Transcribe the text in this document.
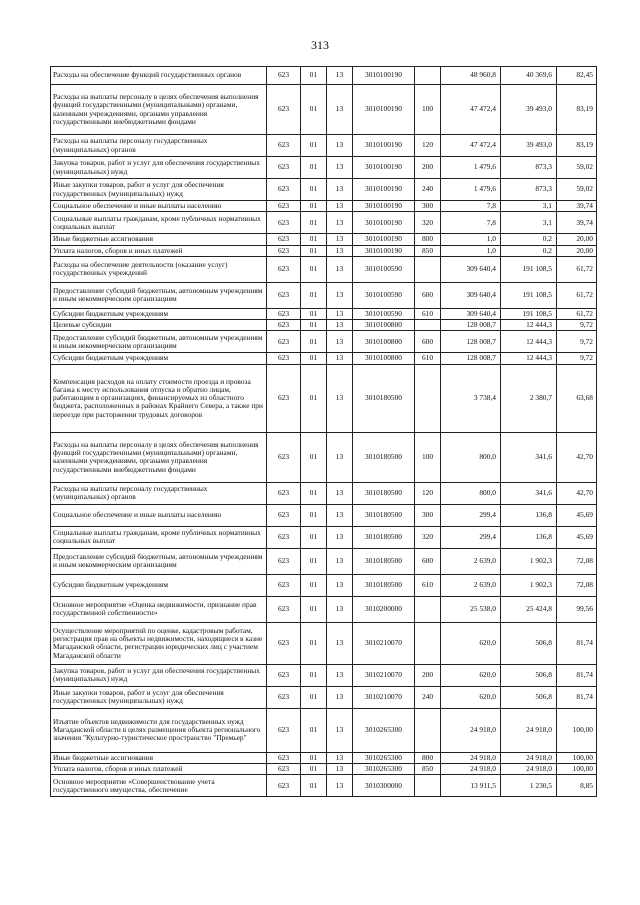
313
Расходы на обеспечение функций государственных органов	623	01	13	3010100190		48 960,8	40 369,6	82,45
Расходы на выплаты персоналу в целях обеспечения выполнения функций государственными (муниципальными) органами, казенными учреждениями, органами управления государственными внебюджетными фондами	623	01	13	3010100190	100	47 472,4	39 493,0	83,19
Расходы на выплаты персоналу государственных (муниципальных) органов	623	01	13	3010100190	120	47 472,4	39 493,0	83,19
Закупка товаров, работ и услуг для обеспечения государственных (муниципальных) нужд	623	01	13	3010100190	200	1 479,6	873,3	59,02
Иные закупки товаров, работ и услуг для обеспечения государственных (муниципальных) нужд	623	01	13	3010100190	240	1 479,6	873,3	59,02
Социальное обеспечение и иные выплаты населению	623	01	13	3010100190	300	7,8	3,1	39,74
Социальные выплаты гражданам, кроме публичных нормативных социальных выплат	623	01	13	3010100190	320	7,8	3,1	39,74
Иные бюджетные ассигнования	623	01	13	3010100190	800	1,0	0,2	20,00
Уплата налогов, сборов и иных платежей	623	01	13	3010100190	850	1,0	0,2	20,00
Расходы на обеспечение деятельности (оказание услуг) государственных учреждений	623	01	13	3010100590		309 640,4	191 108,5	61,72
Предоставление субсидий бюджетным, автономным учреждениям и иным некоммерческим организациям	623	01	13	3010100590	600	309 640,4	191 108,5	61,72
Субсидии бюджетным учреждениям	623	01	13	3010100590	610	309 640,4	191 108,5	61,72
Целевые субсидии	623	01	13	3010100800		128 008,7	12 444,3	9,72
Предоставление субсидий бюджетным, автономным учреждениям и иным некоммерческим организациям	623	01	13	3010100800	600	128 008,7	12 444,3	9,72
Субсидии бюджетным учреждениям	623	01	13	3010100800	610	128 008,7	12 444,3	9,72
Компенсация расходов на оплату стоимости проезда и провоза багажа к месту использования отпуска и обратно лицам, работающим в организациях, финансируемых из областного бюджета, расположенных в районах Крайнего Севера, а также при переезде при расторжении трудовых договоров	623	01	13	3010180500		3 738,4	2 380,7	63,68
Расходы на выплаты персоналу в целях обеспечения выполнения функций государственными (муниципальными) органами, казенными учреждениями, органами управления государственными внебюджетными фондами	623	01	13	3010180500	100	800,0	341,6	42,70
Расходы на выплаты персоналу государственных (муниципальных) органов	623	01	13	3010180500	120	800,0	341,6	42,70
Социальное обеспечение и иные выплаты населению	623	01	13	3010180500	300	299,4	136,8	45,69
Социальные выплаты гражданам, кроме публичных нормативных социальных выплат	623	01	13	3010180500	320	299,4	136,8	45,69
Предоставление субсидий бюджетным, автономным учреждениям и иным некоммерческим организациям	623	01	13	3010180500	600	2 639,0	1 902,3	72,08
Субсидии бюджетным учреждениям	623	01	13	3010180500	610	2 639,0	1 902,3	72,08
Основное мероприятие «Оценка недвижимости, признание прав государственной собственности»	623	01	13	3010200000		25 538,0	25 424,8	99,56
Осуществление мероприятий по оценке, кадастровым работам, регистрация прав на объекты недвижимости, находящиеся в казне Магаданской области, регистрации юридических лиц с участием Магаданской области	623	01	13	3010210070		620,0	506,8	81,74
Закупка товаров, работ и услуг для обеспечения государственных (муниципальных) нужд	623	01	13	3010210070	200	620,0	506,8	81,74
Иные закупки товаров, работ и услуг для обеспечения государственных (муниципальных) нужд	623	01	13	3010210070	240	620,0	506,8	81,74
Изъятие объектов недвижимости для государственных нужд Магаданской области в целях размещения объекта регионального значения "Культурно-туристическое пространство "Премьер"	623	01	13	3010265300		24 918,0	24 918,0	100,00
Иные бюджетные ассигнования	623	01	13	3010265300	800	24 918,0	24 918,0	100,00
Уплата налогов, сборов и иных платежей	623	01	13	3010265300	850	24 918,0	24 918,0	100,00
Основное мероприятие «Совершенствование учета государственного имущества, обеспечение	623	01	13	3010300000		13 911,5	1 230,5	8,85
